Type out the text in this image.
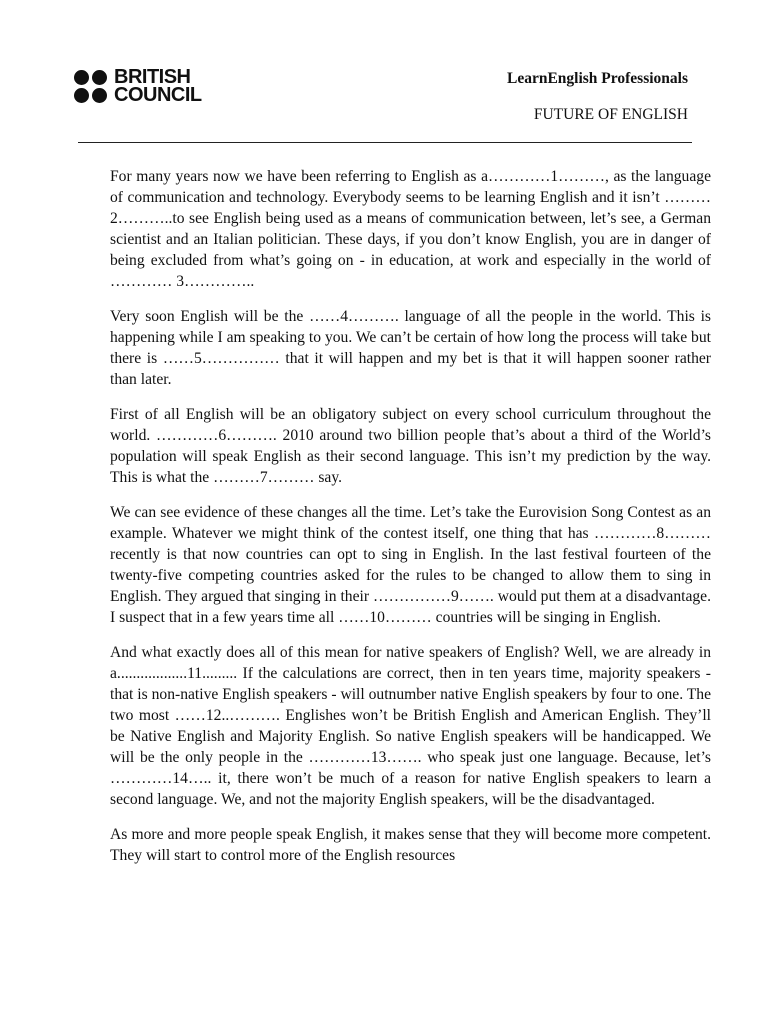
BRITISH
COUNCIL
LearnEnglish Professionals
FUTURE OF ENGLISH

For many years now we have been referring to English as a…………1………, as the language of communication and technology. Everybody seems to be learning English and it isn’t ………2………..to see English being used as a means of communication between, let’s see, a German scientist and an Italian politician. These days, if you don’t know English, you are in danger of being excluded from what’s going on - in education, at work and especially in the world of ………… 3…………..

Very soon English will be the ……4………. language of all the people in the world. This is happening while I am speaking to you. We can’t be certain of how long the process will take but there is ……5…………… that it will happen and my bet is that it will happen sooner rather than later.

First of all English will be an obligatory subject on every school curriculum throughout the world. …………6………. 2010 around two billion people that’s about a third of the World’s population will speak English as their second language. This isn’t my prediction by the way. This is what the ………7……… say.

We can see evidence of these changes all the time. Let’s take the Eurovision Song Contest as an example. Whatever we might think of the contest itself, one thing that has …………8……… recently is that now countries can opt to sing in English. In the last festival fourteen of the twenty-five competing countries asked for the rules to be changed to allow them to sing in English. They argued that singing in their ……………9……. would put them at a disadvantage. I suspect that in a few years time all ……10……… countries will be singing in English.

And what exactly does all of this mean for native speakers of English? Well, we are already in a..................11......... If the calculations are correct, then in ten years time, majority speakers - that is non-native English speakers - will outnumber native English speakers by four to one. The two most ……12..………. Englishes won’t be British English and American English. They’ll be Native English and Majority English. So native English speakers will be handicapped. We will be the only people in the …………13……. who speak just one language. Because, let’s …………14….. it, there won’t be much of a reason for native English speakers to learn a second language. We, and not the majority English speakers, will be the disadvantaged.

As more and more people speak English, it makes sense that they will become more competent. They will start to control more of the English resources
